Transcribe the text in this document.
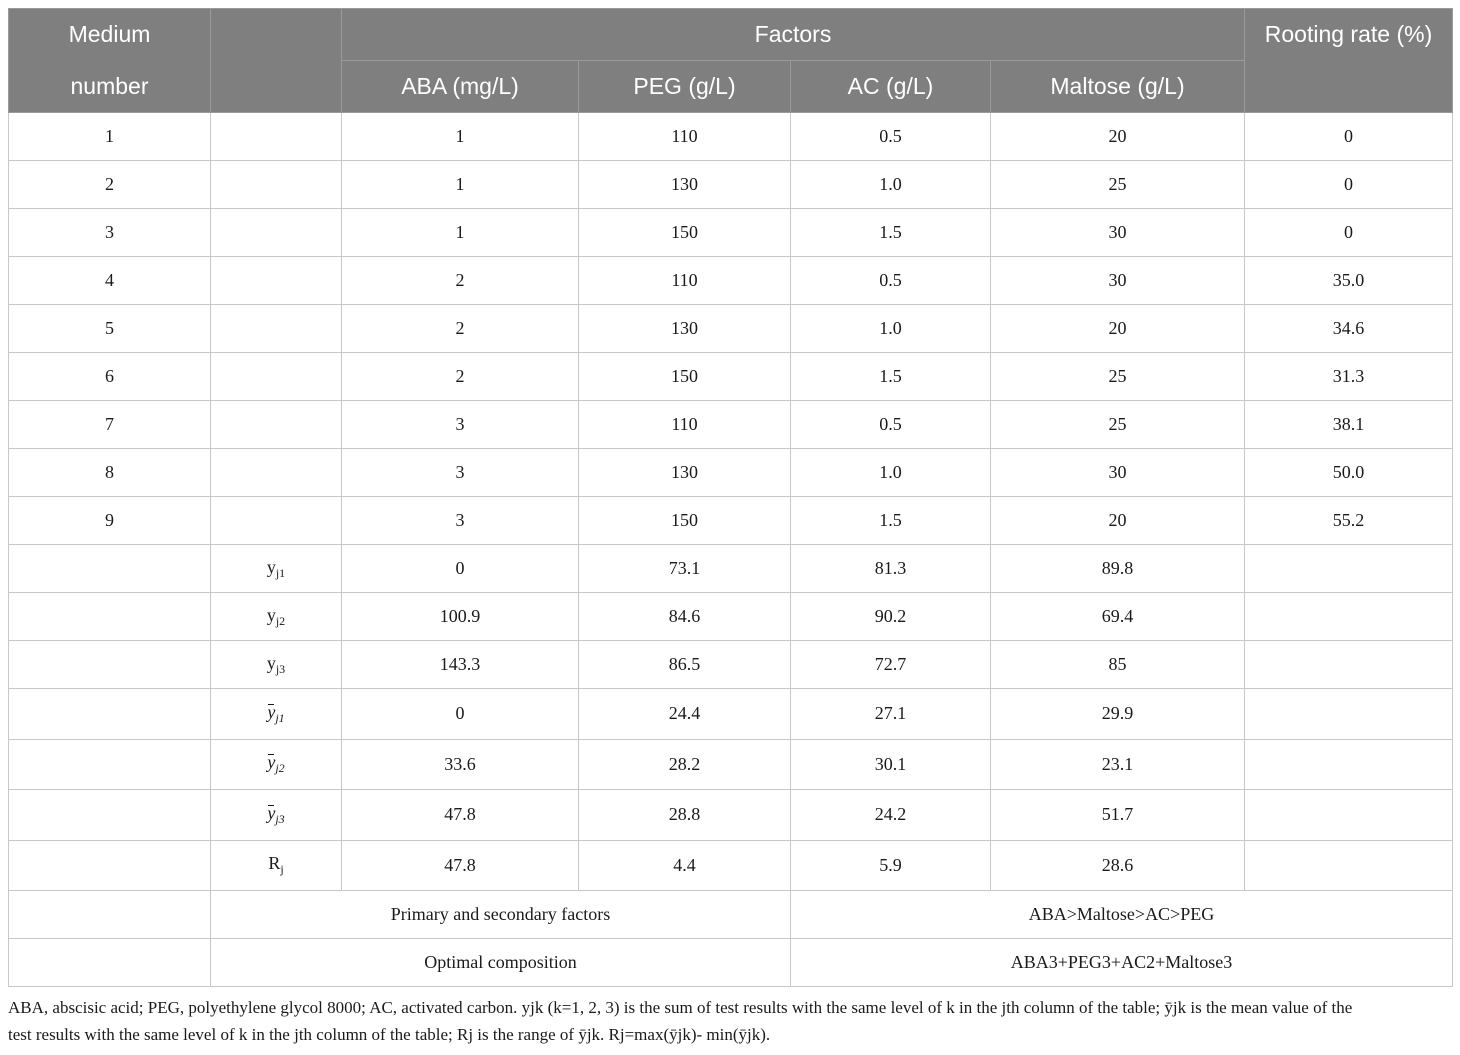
Medium		Factors				Rooting rate (%)
number		ABA (mg/L)	PEG (g/L)	AC (g/L)	Maltose (g/L)	
1		1	110	0.5	20	0
2		1	130	1.0	25	0
3		1	150	1.5	30	0
4		2	110	0.5	30	35.0
5		2	130	1.0	20	34.6
6		2	150	1.5	25	31.3
7		3	110	0.5	25	38.1
8		3	130	1.0	30	50.0
9		3	150	1.5	20	55.2
	$y_{j1}$	0	73.1	81.3	89.8	
	$y_{j2}$	100.9	84.6	90.2	69.4	
	$y_{j3}$	143.3	86.5	72.7	85	
	$y_{j1}$	0	24.4	27.1	29.9	
	$y_{j2}$	33.6	28.2	30.1	23.1	
	$y_{j3}$	47.8	28.8	24.2	51.7	
	$R_j$	47.8	4.4	5.9	28.6	
	Primary and secondary factors			ABA>Maltose>AC>PEG		
	Optimal composition			ABA3+PEG3+AC2+Maltose3		
ABA, abscisic acid; PEG, polyethylene glycol 8000; AC, activated carbon. yjk (k=1, 2, 3) is the sum of test results with the same level of k in the jth column of the table; ȳjk is the mean value of the
test results with the same level of k in the jth column of the table; Rj is the range of ȳjk. Rj=max(ȳjk)- min(ȳjk).
